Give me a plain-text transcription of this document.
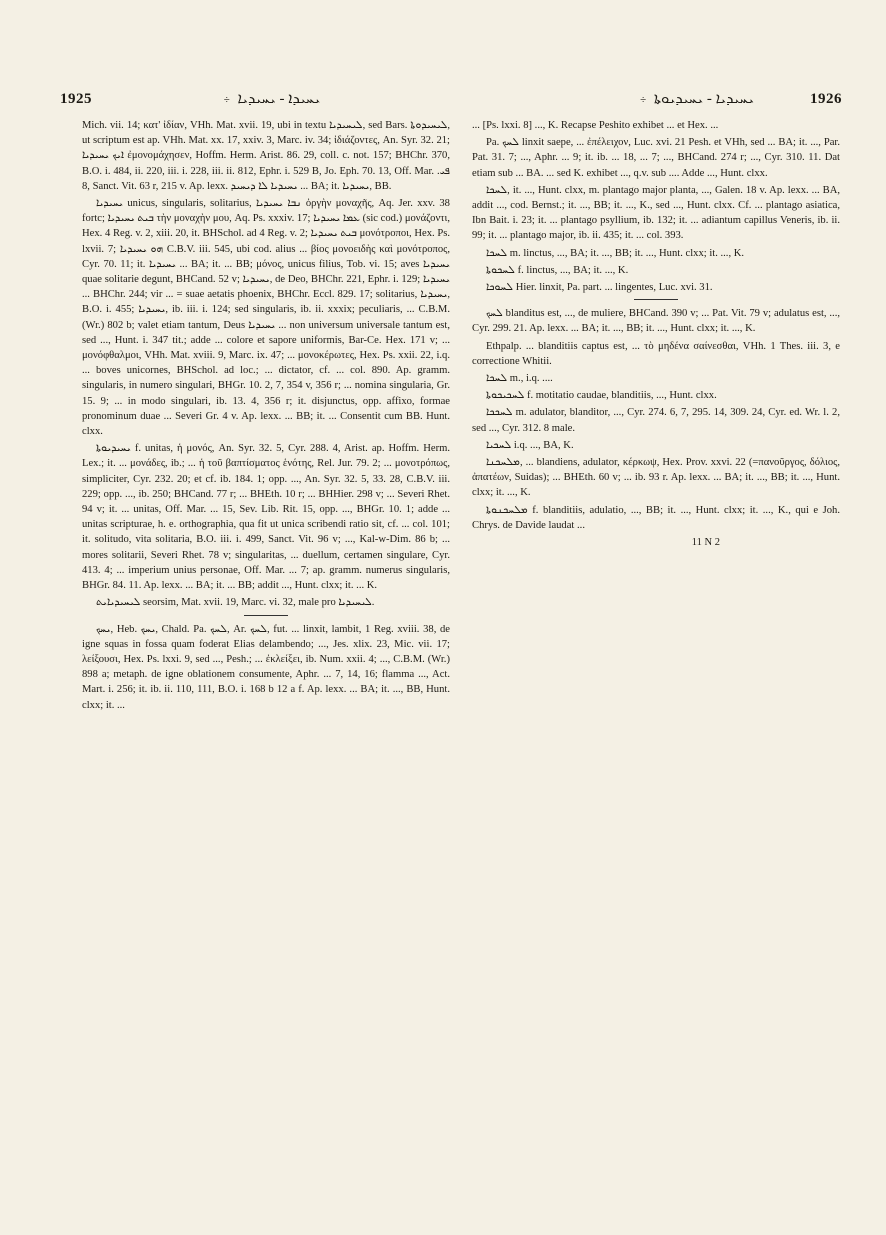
1925	÷ ܝܚܝܕܐ - ܝܚܝܕܝܐ	÷ ܝܚܝܕܝܐ - ܝܚܝܕܝܘܬܐ	1926

Mich. vii. 14; κατ' ἰδίαν, VHh. Mat. xvii. 19, ubi in textu ܠܝܚܝܕܝܐ, sed Bars. ܠܝܚܝܕܘܬܐ, ut scriptum est ap. VHh. Mat. xx. 17, xxiv. 3, Marc. iv. 34; ἰδιάζοντες, An. Syr. 32. 21; ܐܝܟ ܝܚܝܕܝܐ ἐμονομάχησεν, Hoffm. Herm. Arist. 86. 29, coll. c. not. 157; BHChr. 370, B.O. i. 484, ii. 220, iii. i. 228, iii. ii. 812, Ephr. i. 529 B, Jo. Eph. 70. 13, Off. Mar. ܦܝ. 8, Sanct. Vit. 63 r, 215 v. Ap. lexx. ܝܚܝܕܝܐ ܠܐ ܕܝܚܝܕ ... BA; it. ܝܚܝܕܝܐ, BB.

ܝܚܝܕܝܐ unicus, singularis, solitarius, ܢܒܐ ܝܚܝܕܝܐ ὀργὴν μοναχῆς, Aq. Jer. xxv. 38 fortc; ܒܝܬ ܝܚܝܕܝܐ τὴν μοναχὴν μου, Aq. Ps. xxxiv. 17; ܥܡܐ ܝܚܝܕܝܐ (sic cod.) μονάζοντι, Hex. 4 Reg. v. 2, xiii. 20, it. BHSchol. ad 4 Reg. v. 2; ܒܝܬ ܝܚܝܕܝܐ μονότροποι, Hex. Ps. lxvii. 7; ܗܘ ܝܚܝܕܝܐ C.B.V. iii. 545, ubi cod. alius ... βίος μονοειδὴς καὶ μονότροπος, Cyr. 70. 11; it. ܝܚܝܕܝܐ ... BA; it. ... BB; μόνος, unicus filius, Tob. vi. 15; aves ܝܚܝܕܝܐ quae solitarie degunt, BHCand. 52 v; ܝܚܝܕܝܐ, de Deo, BHChr. 221, Ephr. i. 129; ܝܚܝܕܝܐ ... BHChr. 244; vir ... = suae aetatis phoenix, BHChr. Eccl. 829. 17; solitarius, ܝܚܝܕܝܐ, B.O. i. 455; ܝܚܝܕܝܐ, ib. iii. i. 124; sed singularis, ib. ii. xxxix; peculiaris, ... C.B.M. (Wr.) 802 b; valet etiam tantum, Deus ܝܚܝܕܝܐ ... non universum universale tantum est, sed ..., Hunt. i. 347 tit.; adde ... colore et sapore uniformis, Bar-Ce. Hex. 171 v; ... μονόφθαλμοι, VHh. Mat. xviii. 9, Marc. ix. 47; ... μονοκέρωτες, Hex. Ps. xxii. 22, i.q. ... boves unicornes, BHSchol. ad loc.; ... dictator, cf. ... col. 890. Ap. gramm. singularis, in numero singulari, BHGr. 10. 2, 7, 354 v, 356 r; ... nomina singularia, Gr. 15. 9; ... in modo singulari, ib. 13. 4, 356 r; it. disjunctus, opp. affixo, formae pronominum duae ... Severi Gr. 4 v. Ap. lexx. ... BB; it. ... Consentit cum BB. Hunt. clxx.

ܝܚܝܕܝܘܬܐ f. unitas, ἡ μονός, An. Syr. 32. 5, Cyr. 288. 4, Arist. ap. Hoffm. Herm. Lex.; it. ... μονάδες, ib.; ... ἡ τοῦ βαπτίσματος ἑνότης, Rel. Jur. 79. 2; ... μονοτρόπως, simpliciter, Cyr. 232. 20; et cf. ib. 184. 1; opp. ..., An. Syr. 32. 5, 33. 28, C.B.V. iii. 229; opp. ..., ib. 250; BHCand. 77 r; ... BHEth. 10 r; ... BHHier. 298 v; ... Severi Rhet. 94 v; it. ... unitas, Off. Mar. ... 15, Sev. Lib. Rit. 15, opp. ..., BHGr. 10. 1; adde ... unitas scripturae, h. e. orthographia, qua fit ut unica scribendi ratio sit, cf. ... col. 101; it. solitudo, vita solitaria, B.O. iii. i. 499, Sanct. Vit. 96 v; ..., Kal-w-Dim. 86 b; ... mores solitarii, Severi Rhet. 78 v; singularitas, ... duellum, certamen singulare, Cyr. 413. 4; ... imperium unius personae, Off. Mar. ... 7; ap. gramm. numerus singularis, BHGr. 84. 11. Ap. lexx. ... BA; it. ... BB; addit ..., Hunt. clxx; it. ... K.

ܠܝܚܝܕܝܐܝܬ seorsim, Mat. xvii. 19, Marc. vi. 32, male pro ܠܝܚܝܕܝܐ.

ܝܚܟ, Heb. ܝܚܟ, Chald. Pa. ܠܚܟ, Ar. ܠܚܟ, fut. ... linxit, lambit, 1 Reg. xviii. 38, de igne squas in fossa quam foderat Elias delambendo; ..., Jes. xlix. 23, Mic. vii. 17; λείξουσι, Hex. Ps. lxxi. 9, sed ..., Pesh.; ... ἐκλείξει, ib. Num. xxii. 4; ..., C.B.M. (Wr.) 898 a; metaph. de igne oblationem consumente, Aphr. ... 7, 14, 16; flamma ..., Act. Mart. i. 256; it. ib. ii. 110, 111, B.O. i. 168 b 12 a f. Ap. lexx. ... BA; it. ..., BB, Hunt. clxx; it. ...

... [Ps. lxxi. 8] ..., K. Recapse Peshito exhibet ... et Hex. ...

Pa. ܠܚܟ linxit saepe, ... ἐπέλειχον, Luc. xvi. 21 Pesh. et VHh, sed ... BA; it. ..., Par. Pat. 31. 7; ..., Aphr. ... 9; it. ib. ... 18, ... 7; ..., BHCand. 274 r; ..., Cyr. 310. 11. Dat etiam sub ... BA. ... sed K. exhibet ..., q.v. sub .... Adde ..., Hunt. clxx.

ܠܚܟܐ, it. ..., Hunt. clxx, m. plantago major planta, ..., Galen. 18 v. Ap. lexx. ... BA, addit ..., cod. Bernst.; it. ..., BB; it. ..., K., sed ..., Hunt. clxx. Cf. ... plantago asiatica, Ibn Bait. i. 23; it. ... plantago psyllium, ib. 132; it. ... adiantum capillus Veneris, ib. ii. 99; it. ... plantago major, ib. ii. 435; it. ... col. 393.

ܠܚܟܐ m. linctus, ..., BA; it. ..., BB; it. ..., Hunt. clxx; it. ..., K.

ܠܚܟܘܬܐ f. linctus, ..., BA; it. ..., K.

ܠܚܘܟܐ Hier. linxit, Pa. part. ... lingentes, Luc. xvi. 31.

ܠܚܟ blanditus est, ..., de muliere, BHCand. 390 v; ... Pat. Vit. 79 v; adulatus est, ..., Cyr. 299. 21. Ap. lexx. ... BA; it. ..., BB; it. ..., Hunt. clxx; it. ..., K.

Ethpalp. ... blanditiis captus est, ... τὸ μηδένα σαίνεσθαι, VHh. 1 Thes. iii. 3, e correctione Whitii.

ܠܚܟܐ m., i.q. ....

ܠܚܟܝܟܘܬܐ f. motitatio caudae, blanditiis, ..., Hunt. clxx.

ܠܚܟܟܐ m. adulator, blanditor, ..., Cyr. 274. 6, 7, 295. 14, 309. 24, Cyr. ed. Wr. l. 2, sed ..., Cyr. 312. 8 male.

ܠܚܟܝܐ i.q. ..., BA, K.

ܡܠܚܟܢܐ, ... blandiens, adulator, κέρκωψ, Hex. Prov. xxvi. 22 (=πανοῦργος, δόλιος, ἀπατέων, Suidas); ... BHEth. 60 v; ... ib. 93 r. Ap. lexx. ... BA; it. ..., BB; it. ..., Hunt. clxx; it. ..., K.

ܡܠܚܟܢܘܬܐ f. blanditiis, adulatio, ..., BB; it. ..., Hunt. clxx; it. ..., K., qui e Joh. Chrys. de Davide laudat ...

11 N 2
